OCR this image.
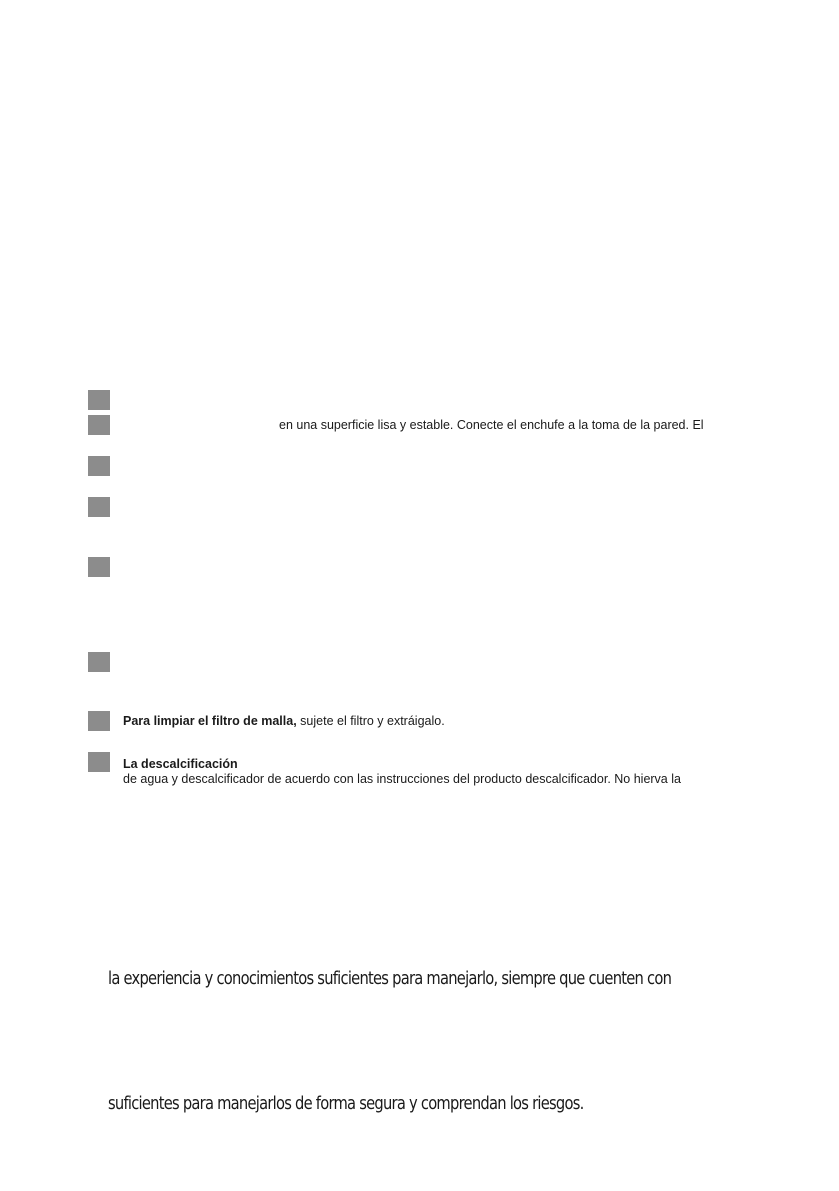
en una superficie lisa y estable. Conecte el enchufe a la toma de la pared. El
Para limpiar el filtro de malla, sujete el filtro y extráigalo.
La descalcificación
de agua y descalcificador de acuerdo con las instrucciones del producto descalcificador. No hierva la
la experiencia y conocimientos suficientes para manejarlo, siempre que cuenten con
suficientes para manejarlos de forma segura y comprendan los riesgos.
